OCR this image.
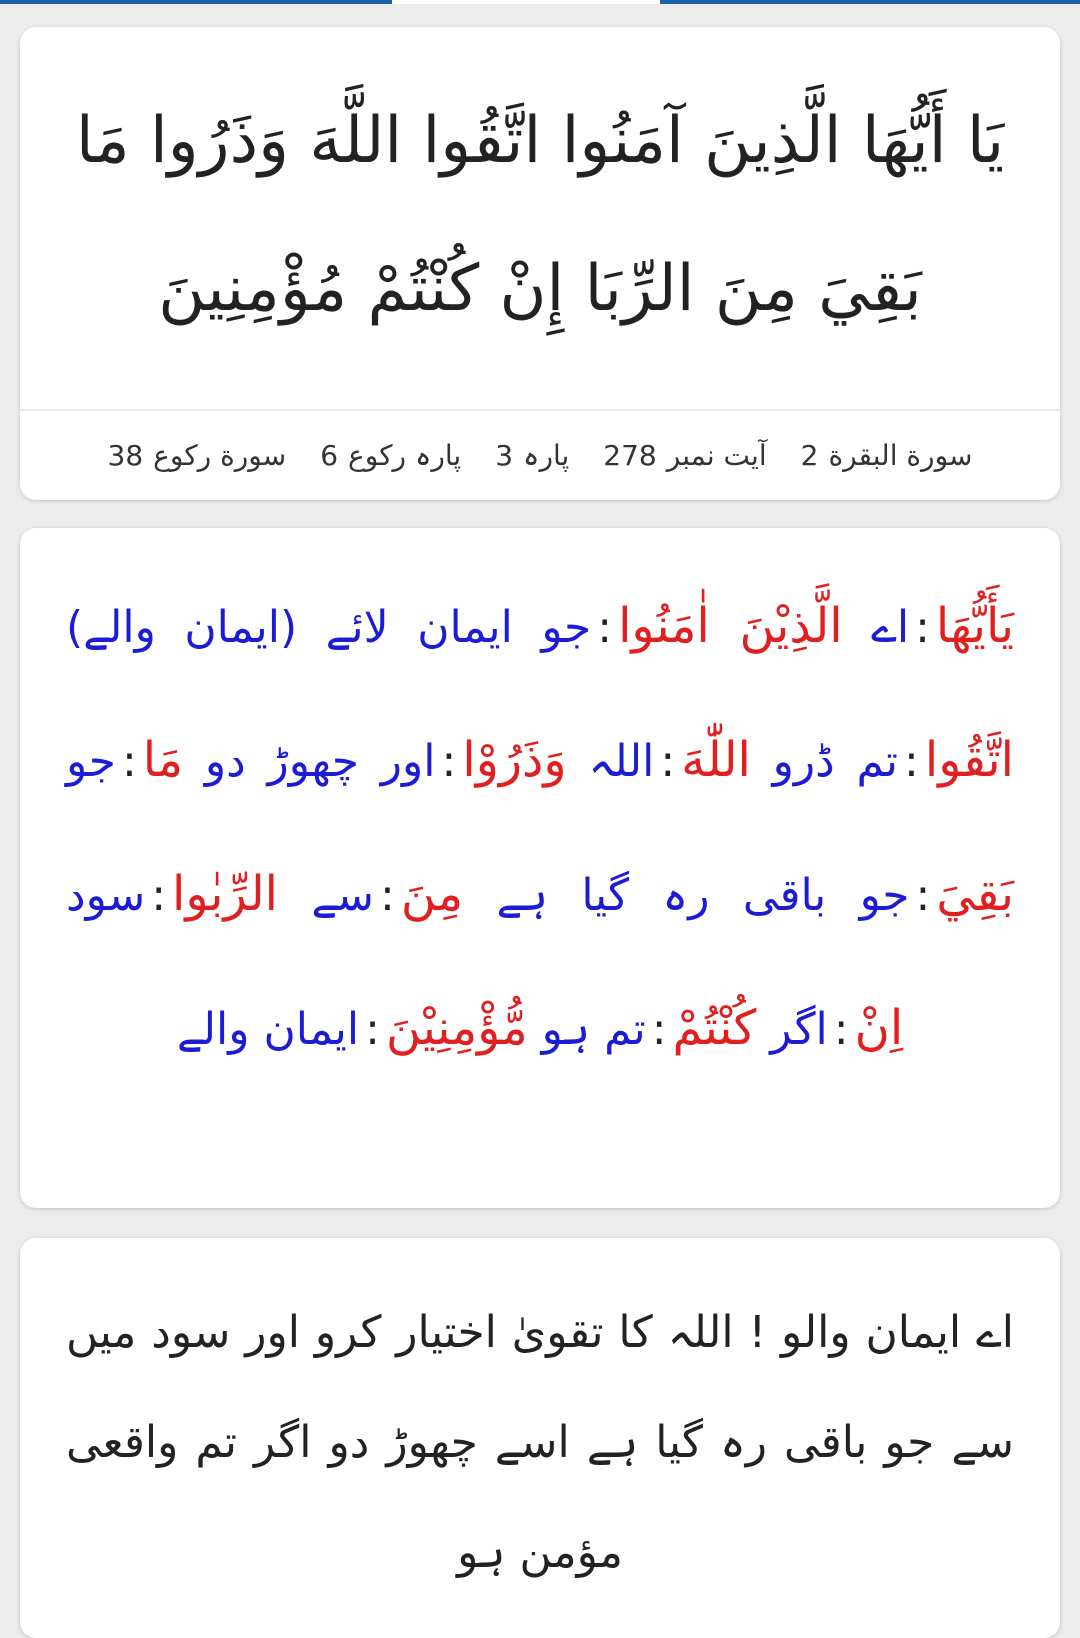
يَا أَيُّهَا الَّذِينَ آمَنُوا اتَّقُوا اللَّهَ وَذَرُوا مَا بَقِيَ مِنَ الرِّبَا إِنْ كُنْتُمْ مُؤْمِنِينَ
سورة البقرة
2
آیت نمبر
278
پارہ
3
پارہ رکوع
6
سورة رکوع
38
يَأَيُّهَا:اے الَّذِيْنَ اٰمَنُوا:جو ایمان لائے (ایمان والے) اتَّقُوا:تم ڈرو اللّٰهَ:اللہ وَذَرُوْا:اور چھوڑ دو مَا:جو بَقِيَ:جو باقی رہ گیا ہے مِنَ:سے الرِّبٰوا:سود اِنْ:اگر كُنْتُمْ:تم ہو مُّؤْمِنِيْنَ:ایمان والے
اے ایمان والو ! اللہ کا تقویٰ اختیار کرو اور سود میں سے جو باقی رہ گیا ہے اسے چھوڑ دو اگر تم واقعی مؤمن ہو
